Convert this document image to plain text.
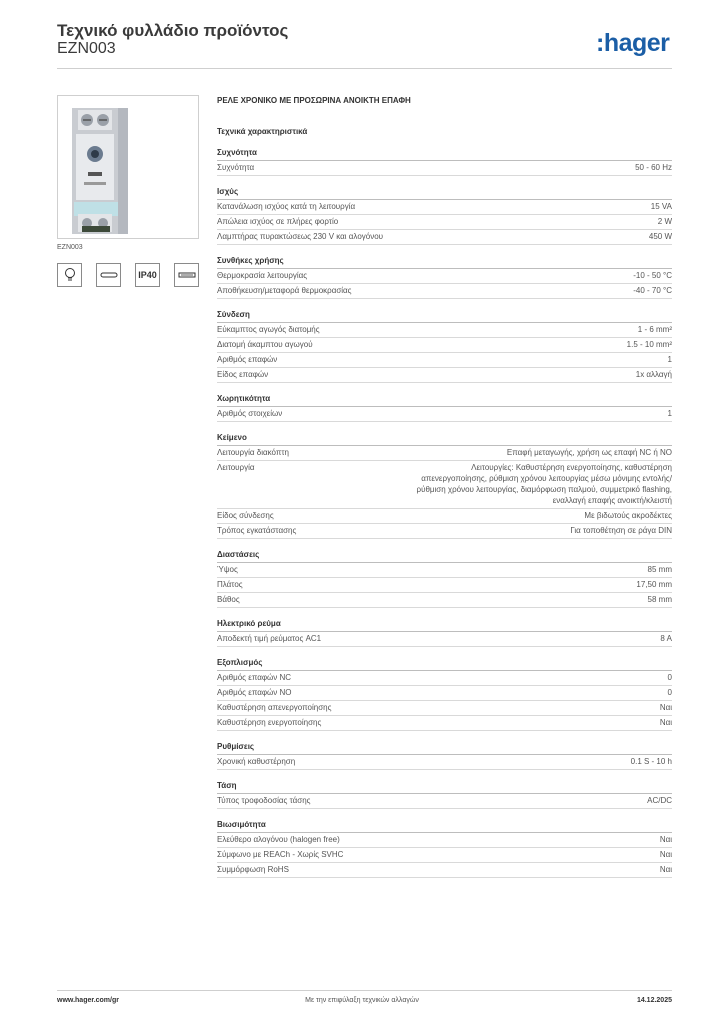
Τεχνικό φυλλάδιο προϊόντος
EZN003	:hager
EZN003
IP40
ΡΕΛΕ ΧΡΟΝΙΚΟ ΜΕ ΠΡΟΣΩΡΙΝΑ ΑΝΟΙΚΤΗ ΕΠΑΦΗ
Τεχνικά χαρακτηριστικά
Συχνότητα
Συχνότητα	50 - 60 Hz
Ισχύς
Κατανάλωση ισχύος κατά τη λειτουργία	15 VA
Απώλεια ισχύος σε πλήρες φορτίο	2 W
Λαμπτήρας πυρακτώσεως 230 V και αλογόνου	450 W
Συνθήκες χρήσης
Θερμοκρασία λειτουργίας	-10 - 50 °C
Αποθήκευση/μεταφορά θερμοκρασίας	-40 - 70 °C
Σύνδεση
Εύκαμπτος αγωγός διατομής	1 - 6 mm²
Διατομή άκαμπτου αγωγού	1.5 - 10 mm²
Αριθμός επαφών	1
Είδος επαφών	1x αλλαγή
Χωρητικότητα
Αριθμός στοιχείων	1
Κείμενο
Λειτουργία διακόπτη	Επαφή μεταγωγής, χρήση ως επαφή NC ή NO
Λειτουργία	Λειτουργίες: Καθυστέρηση ενεργοποίησης, καθυστέρηση απενεργοποίησης, ρύθμιση χρόνου λειτουργίας μέσω μόνιμης εντολής/ρύθμιση χρόνου λειτουργίας, διαμόρφωση παλμού, συμμετρικό flashing, εναλλαγή επαφής ανοικτή/κλειστή
Είδος σύνδεσης	Με βιδωτούς ακροδέκτες
Τρόπος εγκατάστασης	Για τοποθέτηση σε ράγα DIN
Διαστάσεις
Ύψος	85 mm
Πλάτος	17,50 mm
Βάθος	58 mm
Ηλεκτρικό ρεύμα
Αποδεκτή τιμή ρεύματος AC1	8 A
Εξοπλισμός
Αριθμός επαφών NC	0
Αριθμός επαφών NO	0
Καθυστέρηση απενεργοποίησης	Ναι
Καθυστέρηση ενεργοποίησης	Ναι
Ρυθμίσεις
Χρονική καθυστέρηση	0.1 S - 10 h
Τάση
Τύπος τροφοδοσίας τάσης	AC/DC
Βιωσιμότητα
Ελεύθερο αλογόνου (halogen free)	Ναι
Σύμφωνο με REACh - Χωρίς SVHC	Ναι
Συμμόρφωση RoHS	Ναι
www.hager.com/gr	Με την επιφύλαξη τεχνικών αλλαγών	14.12.2025
